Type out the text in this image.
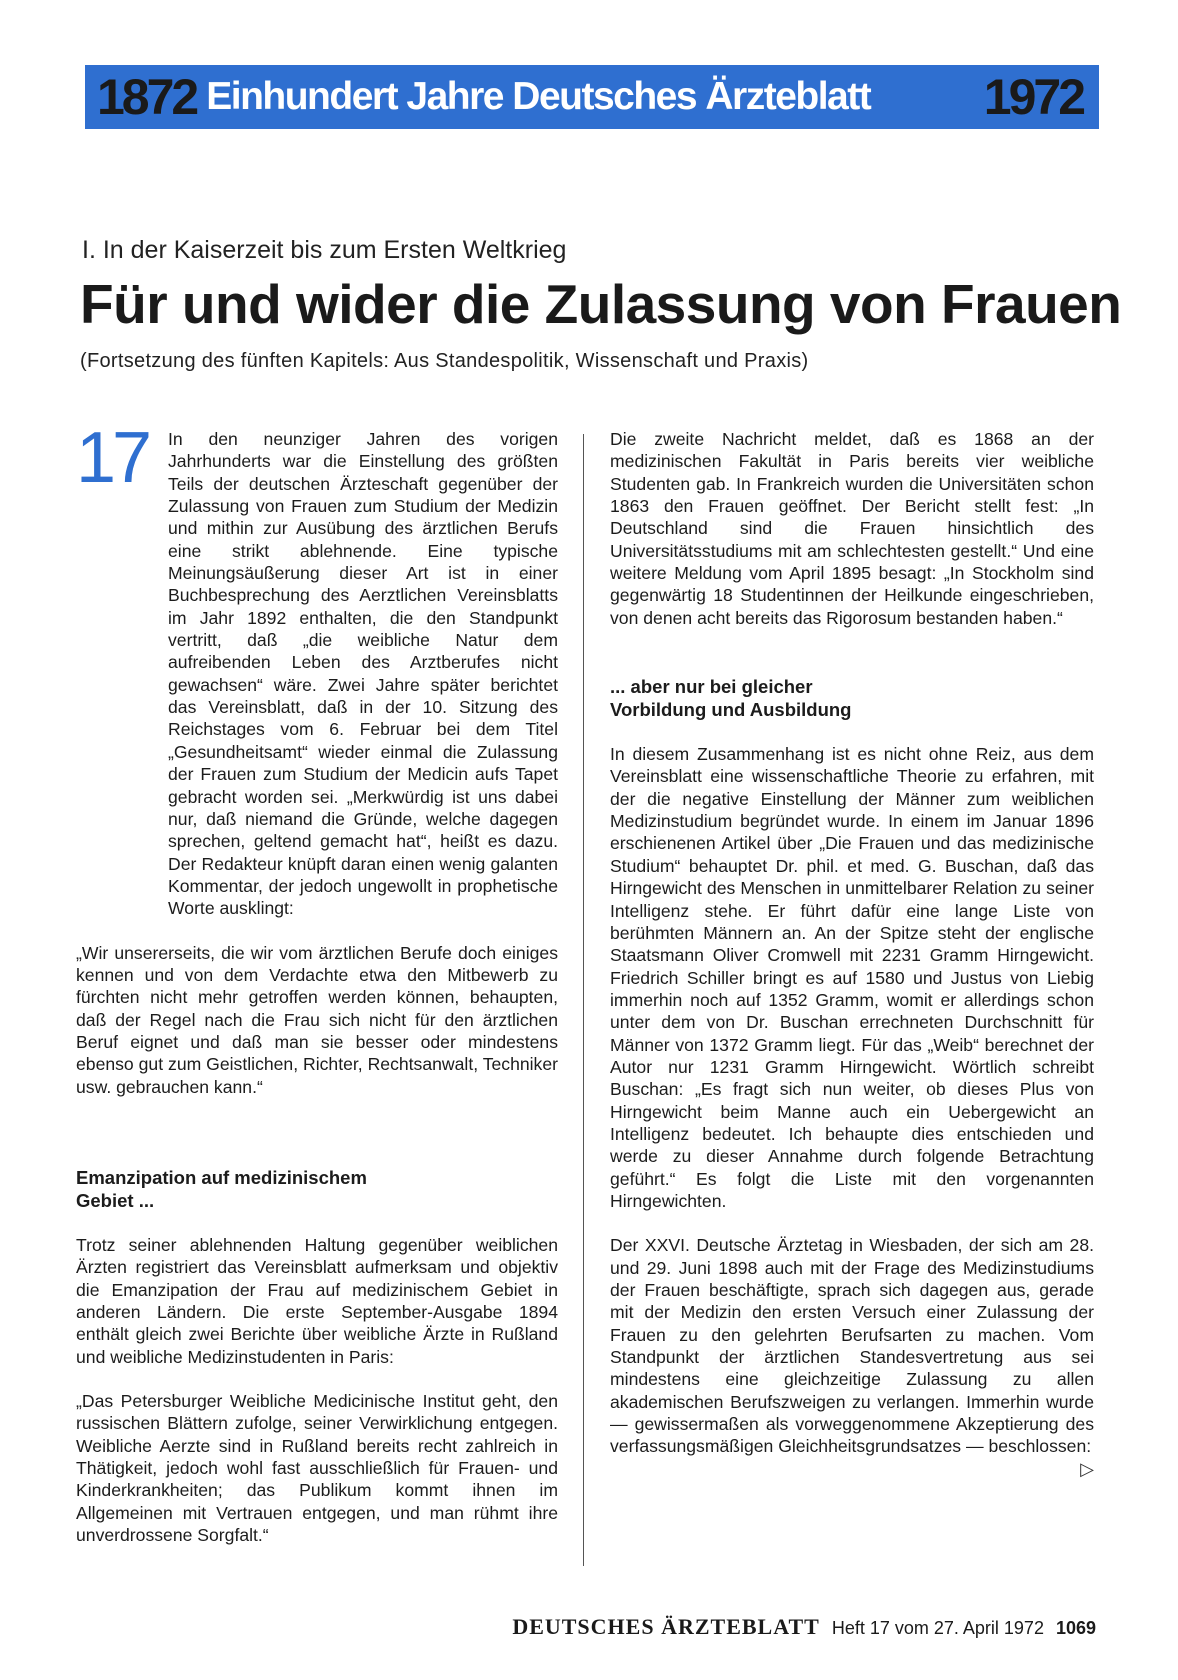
1872 Einhundert Jahre Deutsches Ärzteblatt	1972
I. In der Kaiserzeit bis zum Ersten Weltkrieg
Für und wider die Zulassung von Frauen
(Fortsetzung des fünften Kapitels: Aus Standespolitik, Wissenschaft und Praxis)
17	In den neunziger Jahren des vorigen Jahrhunderts war die Einstellung des größten Teils der deutschen Ärzteschaft gegenüber der Zulassung von Frauen zum Studium der Medizin und mithin zur Ausübung des ärztlichen Berufs eine strikt ablehnende. Eine typische Meinungsäußerung dieser Art ist in einer Buchbesprechung des Aerztlichen Vereinsblatts im Jahr 1892 enthalten, die den Standpunkt vertritt, daß „die weibliche Natur dem aufreibenden Leben des Arztberufes nicht gewachsen“ wäre. Zwei Jahre später berichtet das Vereinsblatt, daß in der 10. Sitzung des Reichstages vom 6. Februar bei dem Titel „Gesundheitsamt“ wieder einmal die Zulassung der Frauen zum Studium der Medicin aufs Tapet gebracht worden sei. „Merkwürdig ist uns dabei nur, daß niemand die Gründe, welche dagegen sprechen, geltend gemacht hat“, heißt es dazu. Der Redakteur knüpft daran einen wenig galanten Kommentar, der jedoch ungewollt in prophetische Worte ausklingt:

„Wir unsererseits, die wir vom ärztlichen Berufe doch einiges kennen und von dem Verdachte etwa den Mitbewerb zu fürchten nicht mehr getroffen werden können, behaupten, daß der Regel nach die Frau sich nicht für den ärztlichen Beruf eignet und daß man sie besser oder mindestens ebenso gut zum Geistlichen, Richter, Rechtsanwalt, Techniker usw. gebrauchen kann.“

Emanzipation auf medizinischem Gebiet ...

Trotz seiner ablehnenden Haltung gegenüber weiblichen Ärzten registriert das Vereinsblatt aufmerksam und objektiv die Emanzipation der Frau auf medizinischem Gebiet in anderen Ländern. Die erste September-Ausgabe 1894 enthält gleich zwei Berichte über weibliche Ärzte in Rußland und weibliche Medizinstudenten in Paris:

„Das Petersburger Weibliche Medicinische Institut geht, den russischen Blättern zufolge, seiner Verwirklichung entgegen. Weibliche Aerzte sind in Rußland bereits recht zahlreich in Thätigkeit, jedoch wohl fast ausschließlich für Frauen- und Kinderkrankheiten; das Publikum kommt ihnen im Allgemeinen mit Vertrauen entgegen, und man rühmt ihre unverdrossene Sorgfalt.“

Die zweite Nachricht meldet, daß es 1868 an der medizinischen Fakultät in Paris bereits vier weibliche Studenten gab. In Frankreich wurden die Universitäten schon 1863 den Frauen geöffnet. Der Bericht stellt fest: „In Deutschland sind die Frauen hinsichtlich des Universitätsstudiums mit am schlechtesten gestellt.“ Und eine weitere Meldung vom April 1895 besagt: „In Stockholm sind gegenwärtig 18 Studentinnen der Heilkunde eingeschrieben, von denen acht bereits das Rigorosum bestanden haben.“

... aber nur bei gleicher Vorbildung und Ausbildung

In diesem Zusammenhang ist es nicht ohne Reiz, aus dem Vereinsblatt eine wissenschaftliche Theorie zu erfahren, mit der die negative Einstellung der Männer zum weiblichen Medizinstudium begründet wurde. In einem im Januar 1896 erschienenen Artikel über „Die Frauen und das medizinische Studium“ behauptet Dr. phil. et med. G. Buschan, daß das Hirngewicht des Menschen in unmittelbarer Relation zu seiner Intelligenz stehe. Er führt dafür eine lange Liste von berühmten Männern an. An der Spitze steht der englische Staatsmann Oliver Cromwell mit 2231 Gramm Hirngewicht. Friedrich Schiller bringt es auf 1580 und Justus von Liebig immerhin noch auf 1352 Gramm, womit er allerdings schon unter dem von Dr. Buschan errechneten Durchschnitt für Männer von 1372 Gramm liegt. Für das „Weib“ berechnet der Autor nur 1231 Gramm Hirngewicht. Wörtlich schreibt Buschan: „Es fragt sich nun weiter, ob dieses Plus von Hirngewicht beim Manne auch ein Uebergewicht an Intelligenz bedeutet. Ich behaupte dies entschieden und werde zu dieser Annahme durch folgende Betrachtung geführt.“ Es folgt die Liste mit den vorgenannten Hirngewichten.

Der XXVI. Deutsche Ärztetag in Wiesbaden, der sich am 28. und 29. Juni 1898 auch mit der Frage des Medizinstudiums der Frauen beschäftigte, sprach sich dagegen aus, gerade mit der Medizin den ersten Versuch einer Zulassung der Frauen zu den gelehrten Berufsarten zu machen. Vom Standpunkt der ärztlichen Standesvertretung aus sei mindestens eine gleichzeitige Zulassung zu allen akademischen Berufszweigen zu verlangen. Immerhin wurde — gewissermaßen als vorweggenommene Akzeptierung des verfassungsmäßigen Gleichheitsgrundsatzes — beschlossen:
▷

DEUTSCHES ÄRZTEBLATT Heft 17 vom 27. April 1972 1069
